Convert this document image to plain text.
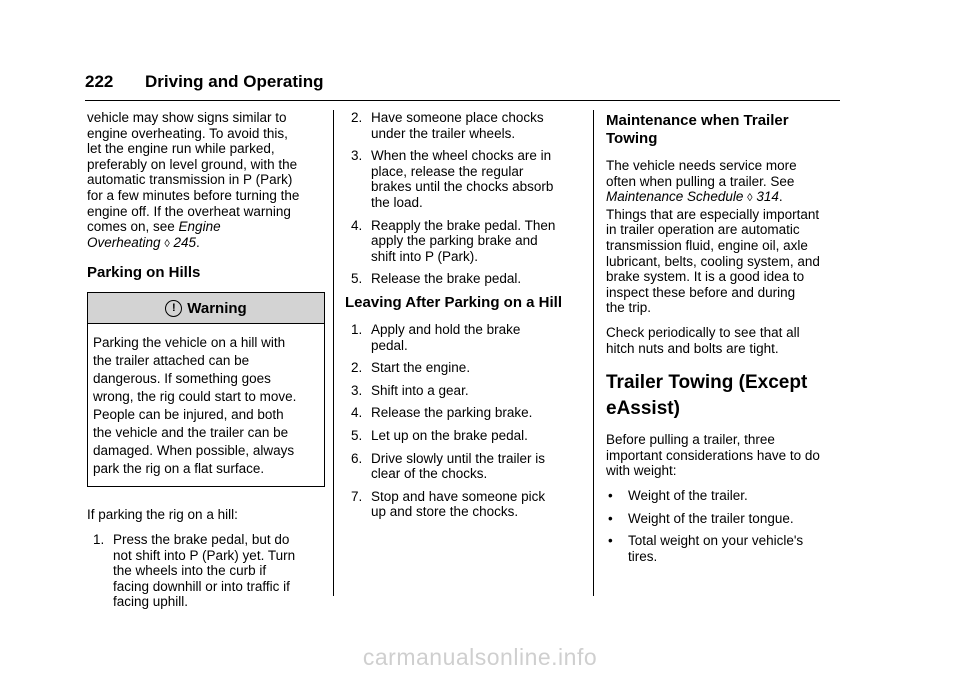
222 Driving and Operating

vehicle may show signs similar to
engine overheating. To avoid this,
let the engine run while parked,
preferably on level ground, with the
automatic transmission in P (Park)
for a few minutes before turning the
engine off. If the overheat warning
comes on, see Engine
Overheating ◊ 245.

Parking on Hills
! Warning
Parking the vehicle on a hill with
the trailer attached can be
dangerous. If something goes
wrong, the rig could start to move.
People can be injured, and both
the vehicle and the trailer can be
damaged. When possible, always
park the rig on a flat surface.

If parking the rig on a hill:

1. Press the brake pedal, but do
not shift into P (Park) yet. Turn
the wheels into the curb if
facing downhill or into traffic if
facing uphill.
2. Have someone place chocks
under the trailer wheels.
3. When the wheel chocks are in
place, release the regular
brakes until the chocks absorb
the load.
4. Reapply the brake pedal. Then
apply the parking brake and
shift into P (Park).
5. Release the brake pedal.
Leaving After Parking on a Hill
1. Apply and hold the brake
pedal.
2. Start the engine.
3. Shift into a gear.
4. Release the parking brake.
5. Let up on the brake pedal.
6. Drive slowly until the trailer is
clear of the chocks.
7. Stop and have someone pick
up and store the chocks.
Maintenance when Trailer
Towing

The vehicle needs service more
often when pulling a trailer. See
Maintenance Schedule ◊ 314.
Things that are especially important
in trailer operation are automatic
transmission fluid, engine oil, axle
lubricant, belts, cooling system, and
brake system. It is a good idea to
inspect these before and during
the trip.

Check periodically to see that all
hitch nuts and bolts are tight.

Trailer Towing (Except
eAssist)

Before pulling a trailer, three
important considerations have to do
with weight:

• Weight of the trailer.
• Weight of the trailer tongue.
• Total weight on your vehicle's
tires.
carmanualsonline.info
